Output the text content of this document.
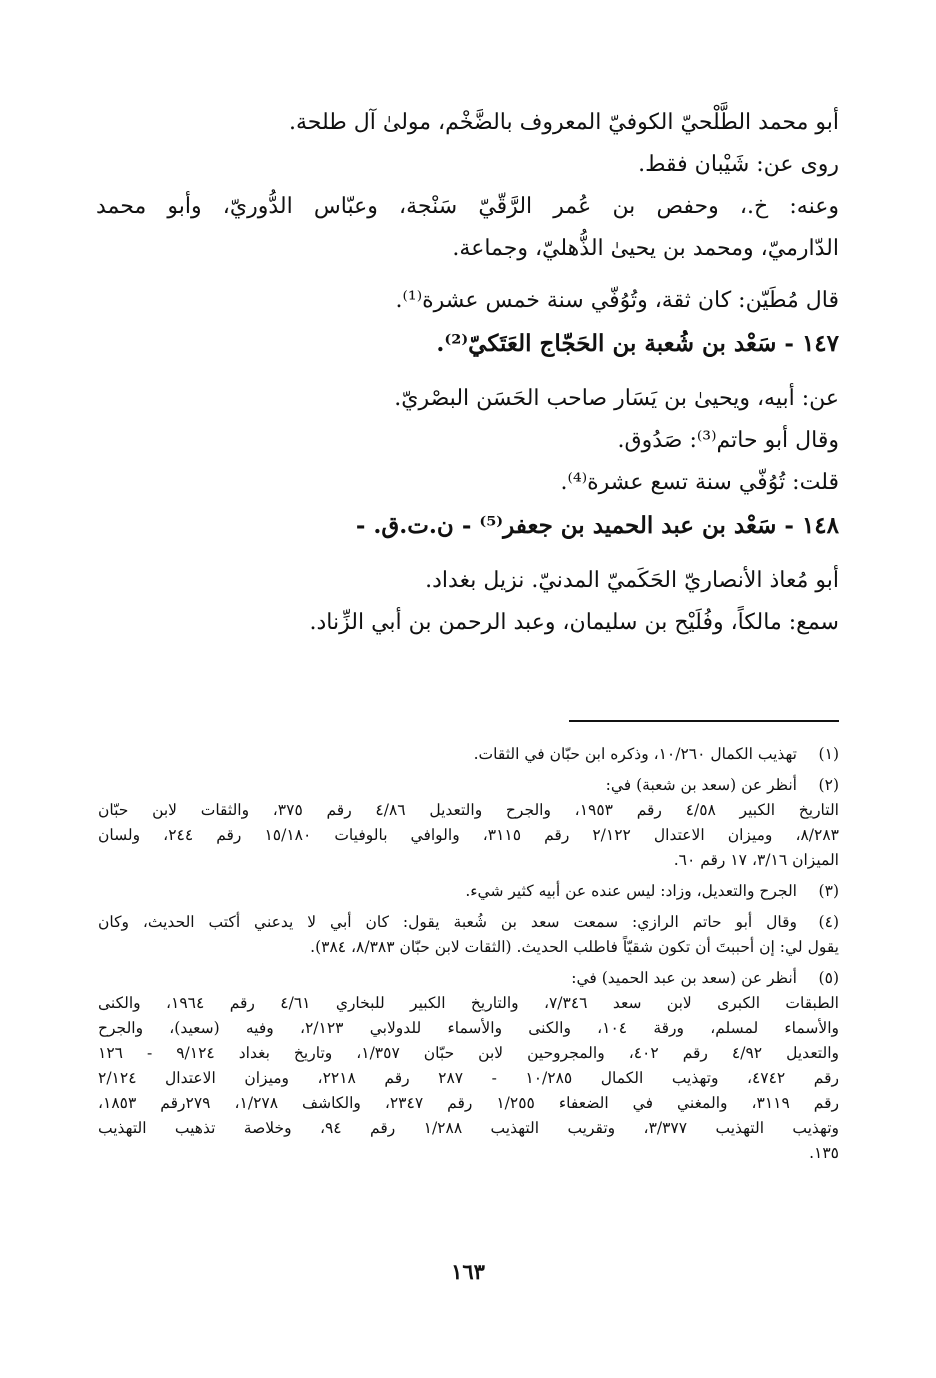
أبو محمد الطَّلْحيّ الكوفيّ المعروف بالضَّخْم، مولىٰ آل طلحة.
روى عن: شَيْبان فقط.
وعنه: خ.، وحفص بن عُمر الرَّقّيّ سَنْجة، وعبّاس الدُّوريّ، وأبو محمد
الدّارميّ، ومحمد بن يحيىٰ الذُّهليّ، وجماعة.
قال مُطَيّن: كان ثقة، وتُوُفّي سنة خمس عشرة⁽¹⁾.
١٤٧ - سَعْد بن شُعبة بن الحَجّاج العَتَكيّ⁽²⁾.
عن: أبيه، ويحيىٰ بن يَسَار صاحب الحَسَن البصْريّ.
وقال أبو حاتم⁽³⁾: صَدُوق.
قلت: تُوُفّي سنة تسع عشرة⁽⁴⁾.
١٤٨ - سَعْد بن عبد الحميد بن جعفر⁽⁵⁾ - ن.ت.ق. -
أبو مُعاذ الأنصاريّ الحَكَميّ المدنيّ. نزيل بغداد.
سمع: مالكاً، وفُلَيْح بن سليمان، وعبد الرحمن بن أبي الزِّناد.
(١)
تهذيب الكمال ١٠/٢٦٠، وذكره ابن حبّان في الثقات.
(٢)
أنظر عن (سعد بن شعبة) في:
التاريخ الكبير ٤/٥٨ رقم ١٩٥٣، والجرح والتعديل ٤/٨٦ رقم ٣٧٥، والثقات لابن حبّان
٨/٢٨٣، وميزان الاعتدال ٢/١٢٢ رقم ٣١١٥، والوافي بالوفيات ١٥/١٨٠ رقم ٢٤٤، ولسان
الميزان ٣/١٦، ١٧ رقم ٦٠.
(٣)
الجرح والتعديل، وزاد: ليس عنده عن أبيه كثير شيء.
(٤)
وقال أبو حاتم الرازي: سمعت سعد بن شُعبة يقول: كان أبي لا يدعني أكتب الحديث، وكان
يقول لي: إن أحببتَ أن تكون شقيّاً فاطلب الحديث. (الثقات لابن حبّان ٨/٣٨٣، ٣٨٤).
(٥)
أنظر عن (سعد بن عبد الحميد) في:
الطبقات الكبرى لابن سعد ٧/٣٤٦، والتاريخ الكبير للبخاري ٤/٦١ رقم ١٩٦٤، والكنى
والأسماء لمسلم، ورقة ١٠٤، والكنى والأسماء للدولابي ٢/١٢٣، وفيه (سعيد)، والجرح
والتعديل ٤/٩٢ رقم ٤٠٢، والمجروحين لابن حبّان ١/٣٥٧، وتاريخ بغداد ٩/١٢٤ - ١٢٦
رقم ٤٧٤٢، وتهذيب الكمال ١٠/٢٨٥ - ٢٨٧ رقم ٢٢١٨، وميزان الاعتدال ٢/١٢٤
رقم ٣١١٩، والمغني في الضعفاء ١/٢٥٥ رقم ٢٣٤٧، والكاشف ١/٢٧٨، ٢٧٩رقم ١٨٥٣،
وتهذيب التهذيب ٣/٣٧٧، وتقريب التهذيب ١/٢٨٨ رقم ٩٤، وخلاصة تذهيب التهذيب
١٣٥.
١٦٣
